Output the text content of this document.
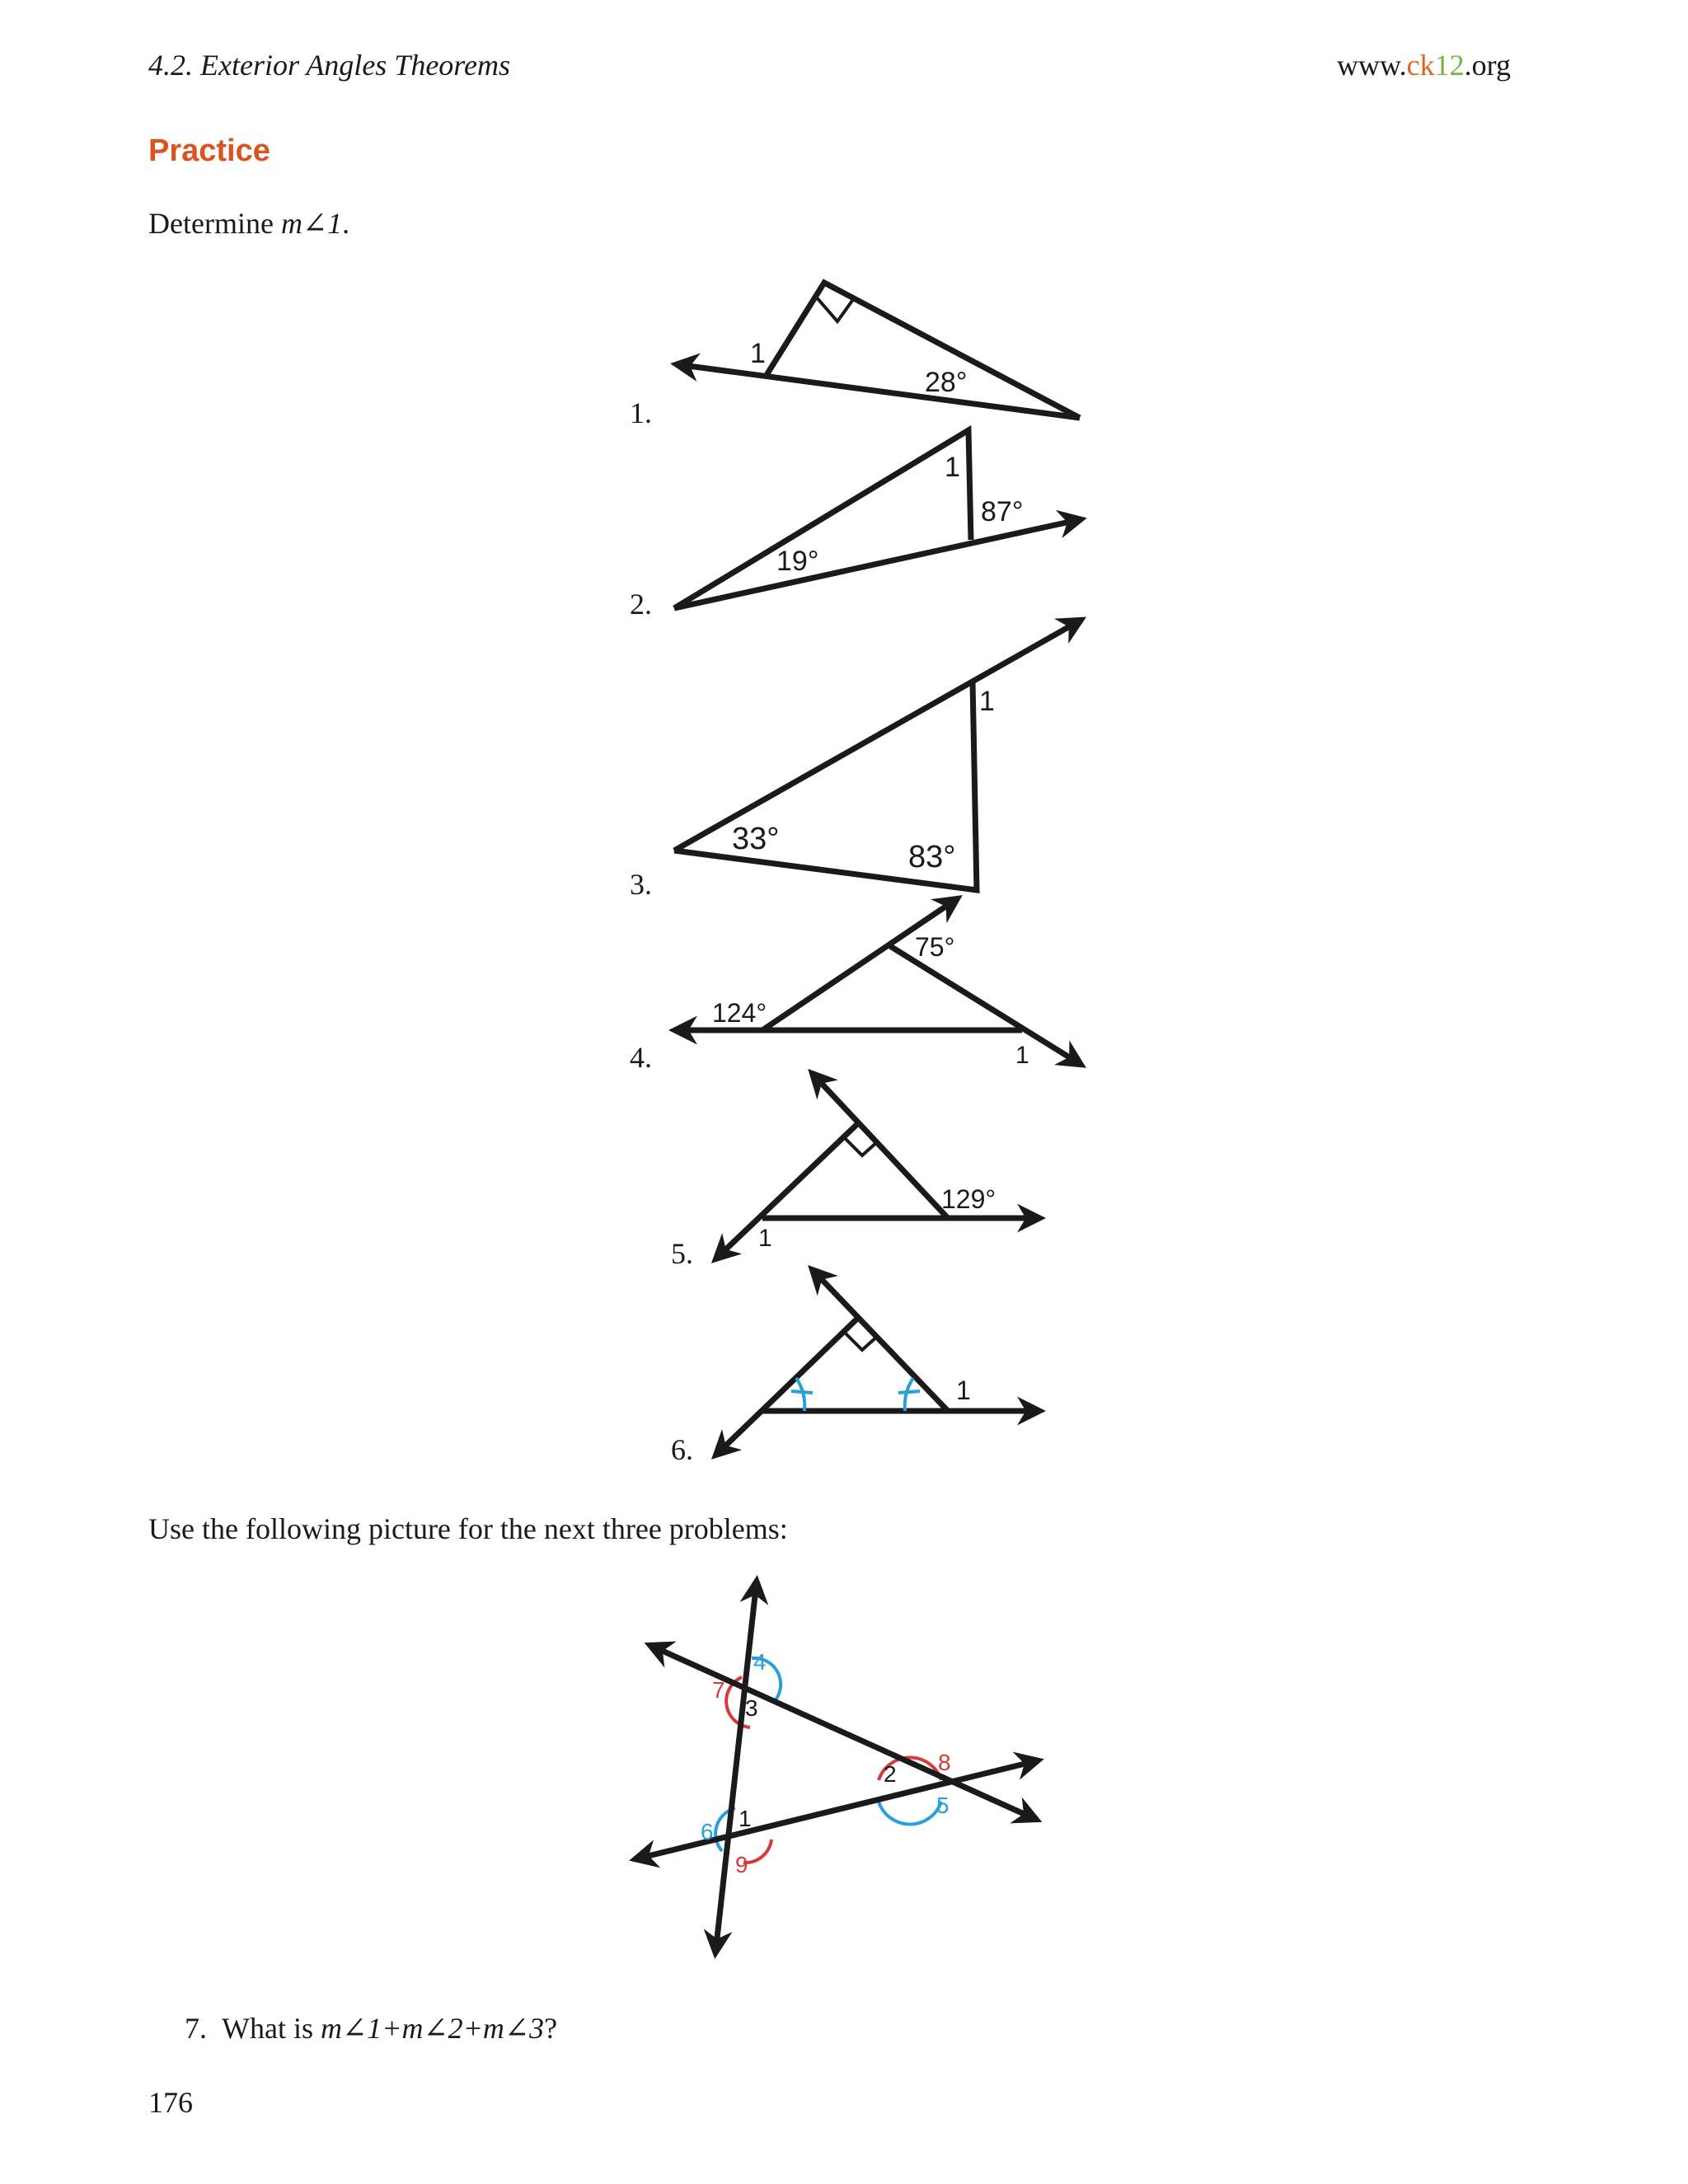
4.2. Exterior Angles Theorems	www.ck12.org
Practice
Determine m∠1.
1.
2.
3.
4.
5.
6.
1
28°
1
87°
19°
1
33°
83°
75°
124°
1
129°
1
1
Use the following picture for the next three problems:
4
7
3
8
2
5
1
6
9
7. What is m∠1+m∠2+m∠3?
176
